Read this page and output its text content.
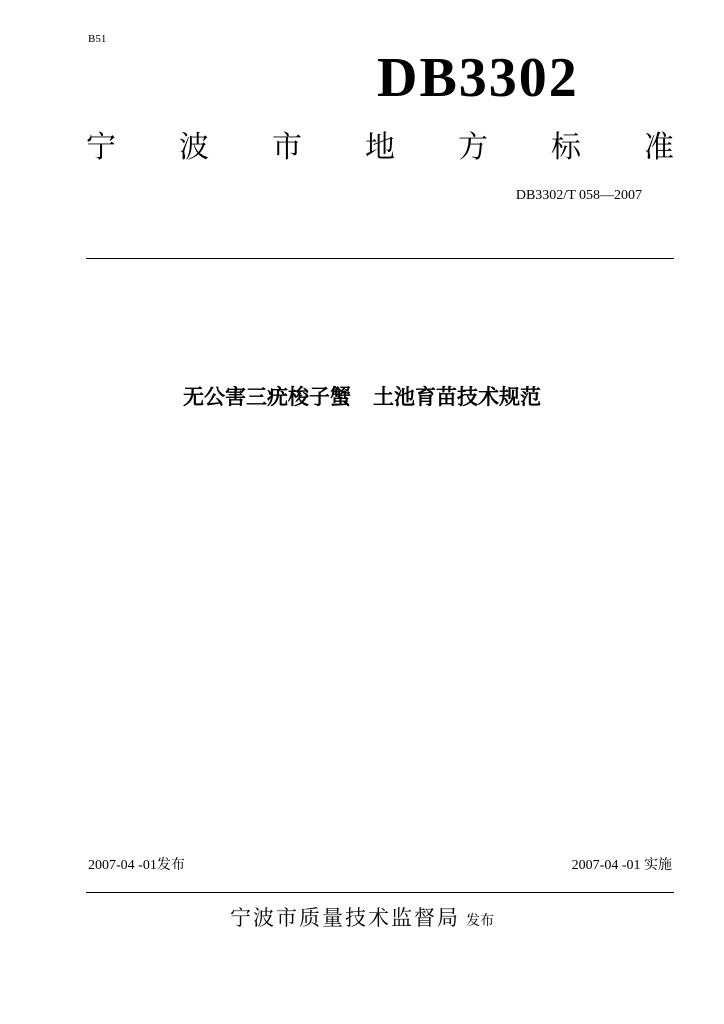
B51
DB3302
宁 波 市 地 方 标 准
DB3302/T 058—2007
无公害三疣梭子蟹   土池育苗技术规范
2007-04 -01发布	2007-04 -01 实施
宁波市质量技术监督局 发布
